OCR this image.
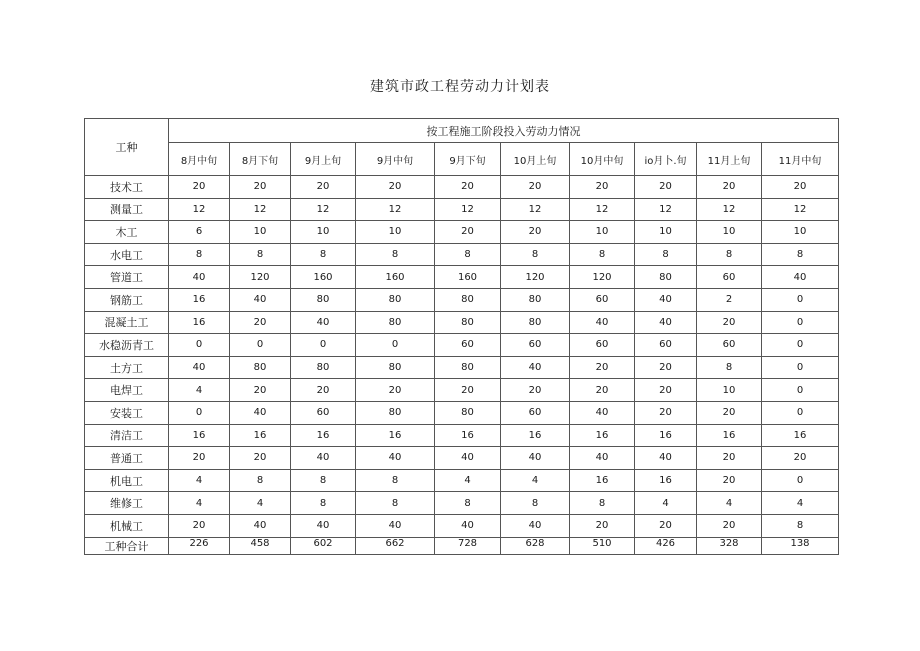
建筑市政工程劳动力计划表
工种	按工程施工阶段投入劳动力情况									
	8月中旬	8月下旬	9月上旬	9月中旬	9月下旬	10月上旬	10月中旬	io月卜.旬	11月上旬	11月中旬
技术工	20	20	20	20	20	20	20	20	20	20
测量工	12	12	12	12	12	12	12	12	12	12
木工	6	10	10	10	20	20	10	10	10	10
水电工	8	8	8	8	8	8	8	8	8	8
管道工	40	120	160	160	160	120	120	80	60	40
钢筋工	16	40	80	80	80	80	60	40	2	0
混凝土工	16	20	40	80	80	80	40	40	20	0
水稳沥青工	0	0	0	0	60	60	60	60	60	0
土方工	40	80	80	80	80	40	20	20	8	0
电焊工	4	20	20	20	20	20	20	20	10	0
安装工	0	40	60	80	80	60	40	20	20	0
清洁工	16	16	16	16	16	16	16	16	16	16
普通工	20	20	40	40	40	40	40	40	20	20
机电工	4	8	8	8	4	4	16	16	20	0
维修工	4	4	8	8	8	8	8	4	4	4
机械工	20	40	40	40	40	40	20	20	20	8
工种合计	226	458	602	662	728	628	510	426	328	138
